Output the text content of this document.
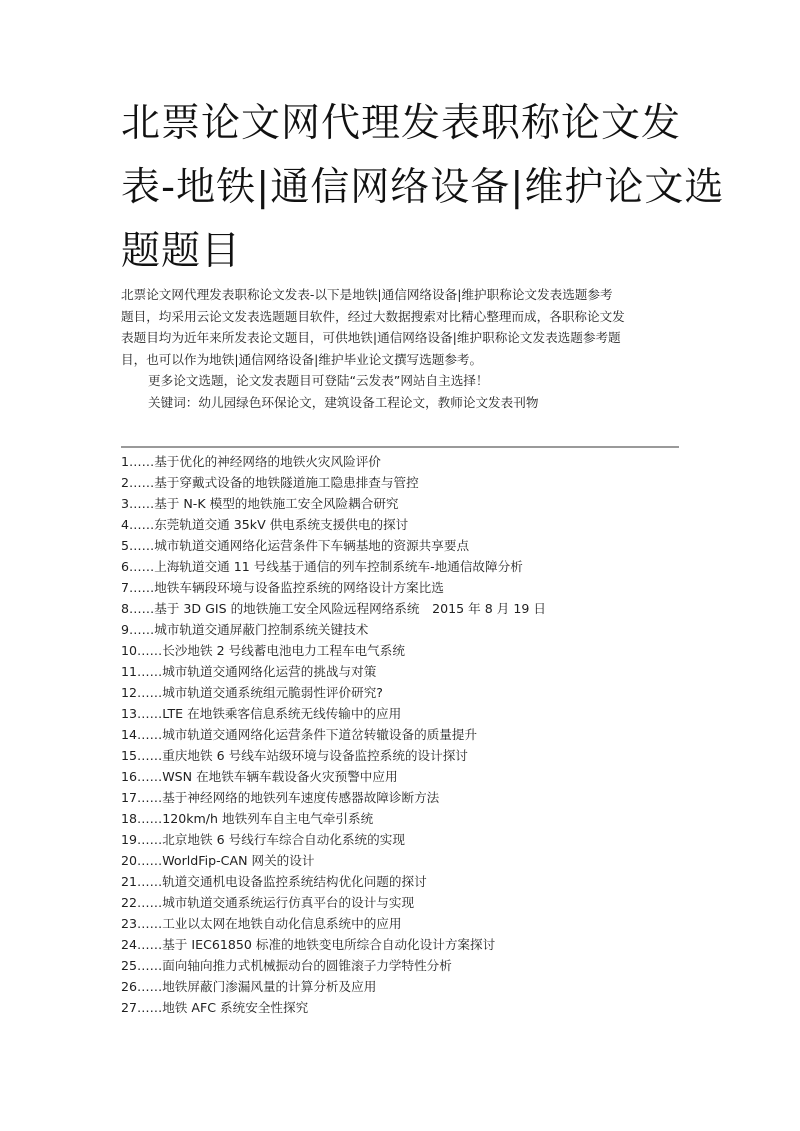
北票论文网代理发表职称论文发
表-地铁|通信网络设备|维护论文选
题题目
北票论文网代理发表职称论文发表-以下是地铁|通信网络设备|维护职称论文发表选题参考
题目，均采用云论文发表选题题目软件，经过大数据搜索对比精心整理而成，各职称论文发
表题目均为近年来所发表论文题目，可供地铁|通信网络设备|维护职称论文发表选题参考题
目，也可以作为地铁|通信网络设备|维护毕业论文撰写选题参考。
更多论文选题，论文发表题目可登陆“云发表”网站自主选择！
关键词：幼儿园绿色环保论文，建筑设备工程论文，教师论文发表刊物
1……基于优化的神经网络的地铁火灾风险评价
2……基于穿戴式设备的地铁隧道施工隐患排查与管控
3……基于 N-K 模型的地铁施工安全风险耦合研究
4……东莞轨道交通 35kV 供电系统支援供电的探讨
5……城市轨道交通网络化运营条件下车辆基地的资源共享要点
6……上海轨道交通 11 号线基于通信的列车控制系统车-地通信故障分析
7……地铁车辆段环境与设备监控系统的网络设计方案比选
8……基于 3D GIS 的地铁施工安全风险远程网络系统　2015 年 8 月 19 日
9……城市轨道交通屏蔽门控制系统关键技术
10……长沙地铁 2 号线蓄电池电力工程车电气系统
11……城市轨道交通网络化运营的挑战与对策
12……城市轨道交通系统组元脆弱性评价研究?
13……LTE 在地铁乘客信息系统无线传输中的应用
14……城市轨道交通网络化运营条件下道岔转辙设备的质量提升
15……重庆地铁 6 号线车站级环境与设备监控系统的设计探讨
16……WSN 在地铁车辆车载设备火灾预警中应用
17……基于神经网络的地铁列车速度传感器故障诊断方法
18……120km/h 地铁列车自主电气牵引系统
19……北京地铁 6 号线行车综合自动化系统的实现
20……WorldFip-CAN 网关的设计
21……轨道交通机电设备监控系统结构优化问题的探讨
22……城市轨道交通系统运行仿真平台的设计与实现
23……工业以太网在地铁自动化信息系统中的应用
24……基于 IEC61850 标准的地铁变电所综合自动化设计方案探讨
25……面向轴向推力式机械振动台的圆锥滚子力学特性分析
26……地铁屏蔽门渗漏风量的计算分析及应用
27……地铁 AFC 系统安全性探究
